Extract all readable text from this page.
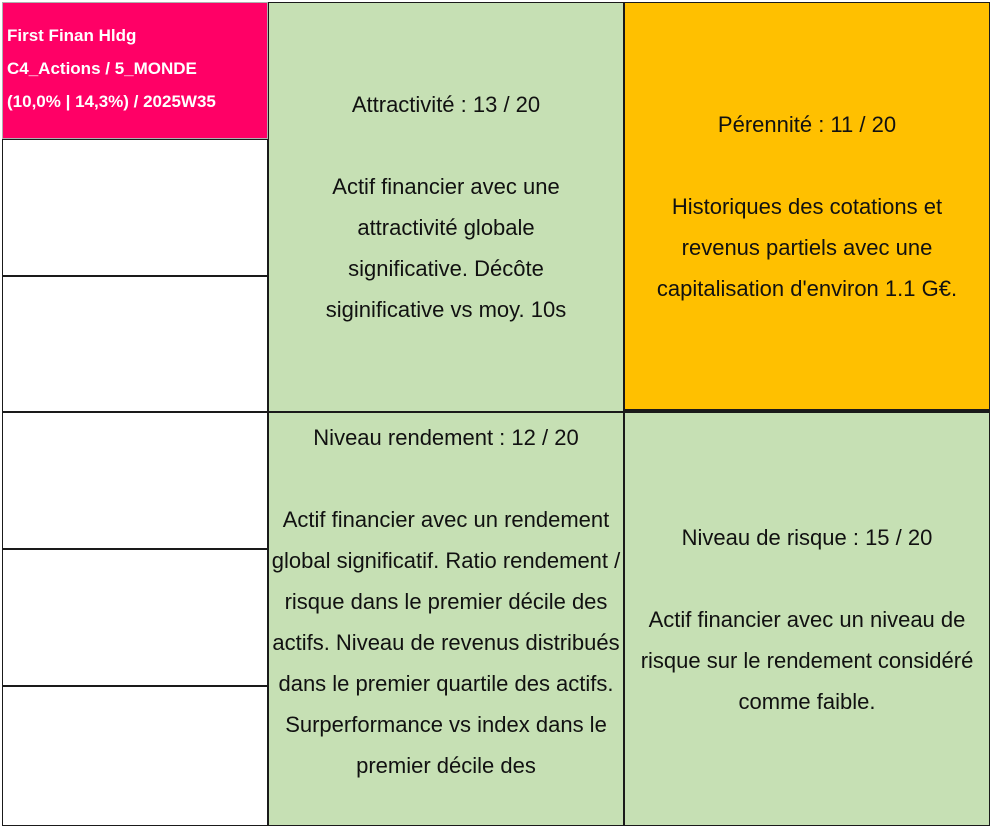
First Finan Hldg
C4_Actions / 5_MONDE
(10,0% | 14,3%) / 2025W35	Attractivité : 13 / 20
Actif financier avec une attractivité globale significative. Décôte siginificative vs moy. 10s
Pérennité : 11 / 20
Historiques des cotations et revenus partiels avec une capitalisation d'environ 1.1 G€.
Niveau rendement : 12 / 20
Actif financier avec un rendement global significatif. Ratio rendement / risque dans le premier décile des actifs. Niveau de revenus distribués dans le premier quartile des actifs. Surperformance vs index dans le premier décile des
Niveau de risque : 15 / 20
Actif financier avec un niveau de risque sur le rendement considéré comme faible.
